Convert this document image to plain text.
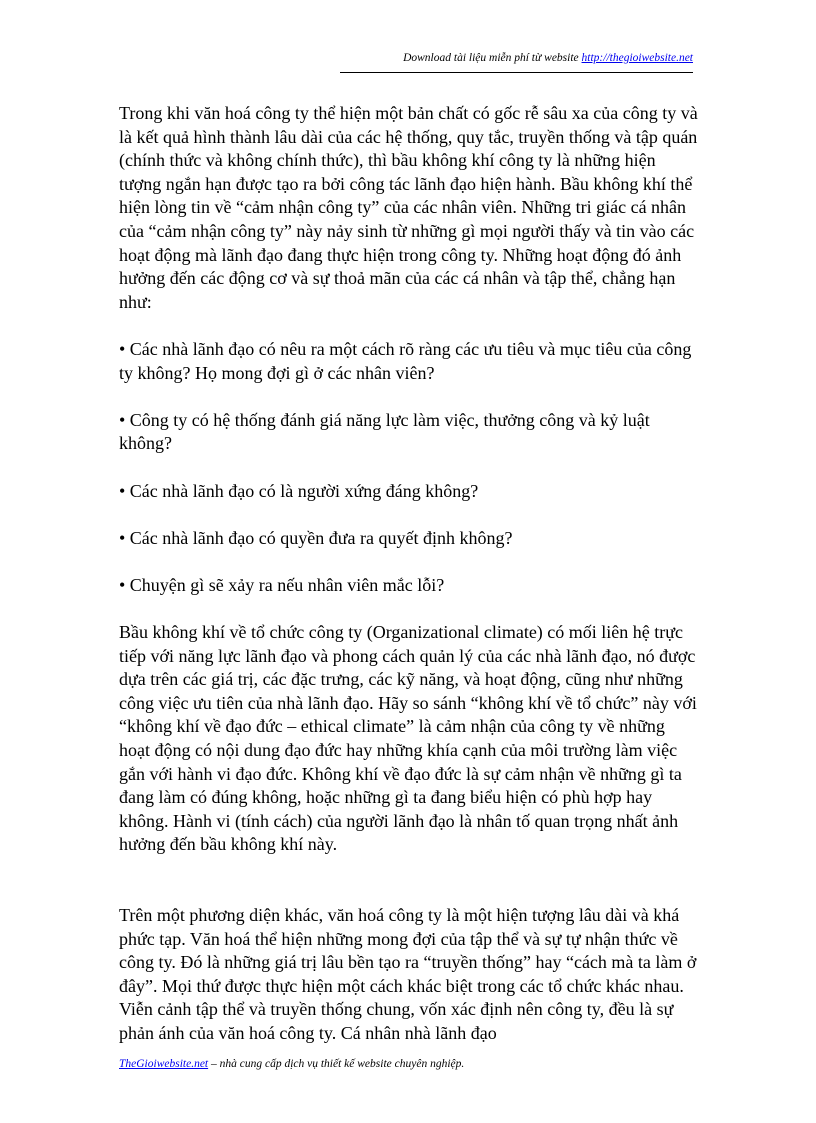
Download tài liệu miễn phí từ website http://thegioiwebsite.net

Trong khi văn hoá công ty thể hiện một bản chất có gốc rễ sâu xa của công ty và là kết quả hình thành lâu dài của các hệ thống, quy tắc, truyền thống và tập quán (chính thức và không chính thức), thì bầu không khí công ty là những hiện tượng ngắn hạn được tạo ra bởi công tác lãnh đạo hiện hành. Bầu không khí thể hiện lòng tin về “cảm nhận công ty” của các nhân viên. Những tri giác cá nhân của “cảm nhận công ty” này nảy sinh từ những gì mọi người thấy và tin vào các hoạt động mà lãnh đạo đang thực hiện trong công ty. Những hoạt động đó ảnh hưởng đến các động cơ và sự thoả mãn của các cá nhân và tập thể, chẳng hạn như:

• Các nhà lãnh đạo có nêu ra một cách rõ ràng các ưu tiêu và mục tiêu của công ty không? Họ mong đợi gì ở các nhân viên?

• Công ty có hệ thống đánh giá năng lực làm việc, thưởng công và kỷ luật không?

• Các nhà lãnh đạo có là người xứng đáng không?

• Các nhà lãnh đạo có quyền đưa ra quyết định không?

• Chuyện gì sẽ xảy ra nếu nhân viên mắc lỗi?

Bầu không khí về tổ chức công ty (Organizational climate) có mối liên hệ trực tiếp với năng lực lãnh đạo và phong cách quản lý của các nhà lãnh đạo, nó được dựa trên các giá trị, các đặc trưng, các kỹ năng, và hoạt động, cũng như những công việc ưu tiên của nhà lãnh đạo. Hãy so sánh “không khí về tổ chức” này với “không khí về đạo đức – ethical climate” là cảm nhận của công ty về những hoạt động có nội dung đạo đức hay những khía cạnh của môi trường làm việc gắn với hành vi đạo đức. Không khí về đạo đức là sự cảm nhận về những gì ta đang làm có đúng không, hoặc những gì ta đang biểu hiện có phù hợp hay không. Hành vi (tính cách) của người lãnh đạo là nhân tố quan trọng nhất ảnh hưởng đến bầu không khí này.

Trên một phương diện khác, văn hoá công ty là một hiện tượng lâu dài và khá phức tạp. Văn hoá thể hiện những mong đợi của tập thể và sự tự nhận thức về công ty. Đó là những giá trị lâu bền tạo ra “truyền thống” hay “cách mà ta làm ở đây”. Mọi thứ được thực hiện một cách khác biệt trong các tổ chức khác nhau. Viễn cảnh tập thể và truyền thống chung, vốn xác định nên công ty, đều là sự phản ánh của văn hoá công ty. Cá nhân nhà lãnh đạo

TheGioiwebsite.net – nhà cung cấp dịch vụ thiết kế website chuyên nghiệp.
